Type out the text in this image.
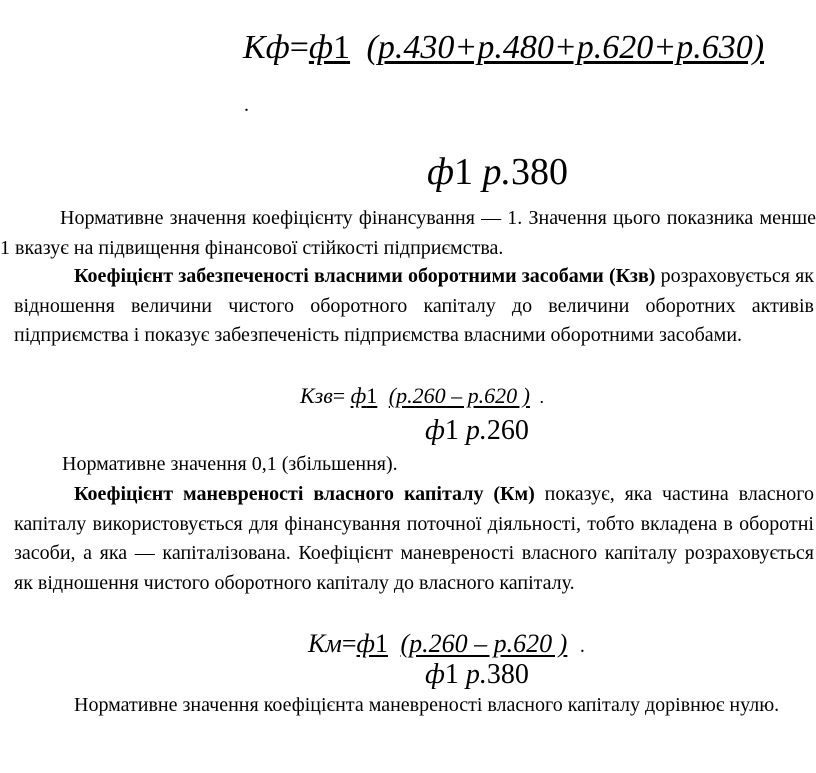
Кф=ф1 (р.430+р.480+р.620+р.630)
.
ф1 р.380

Нормативне значення коефіцієнту фінансування — 1. Значення цього показника менше 1 вказує на підвищення фінансової стійкості підприємства.

Коефіцієнт забезпеченості власними оборотними засобами (Кзв) розраховується як відношення величини чистого оборотного капіталу до величини оборотних активів підприємства і показує забезпеченість підприємства власними оборотними засобами.

Кзв= ф1 (р.260 – р.620 ) .
ф1 р.260
Нормативне значення 0,1 (збільшення).

Коефіцієнт маневреності власного капіталу (Км) показує, яка частина власного капіталу використовується для фінансування поточної діяльності, тобто вкладена в оборотні засоби, а яка — капіталізована. Коефіцієнт маневреності власного капіталу розраховується як відношення чистого оборотного капіталу до власного капіталу.

Км=ф1 (р.260 – р.620 ) .
ф1 р.380

Нормативне значення коефіцієнта маневреності власного капіталу дорівнює нулю.
